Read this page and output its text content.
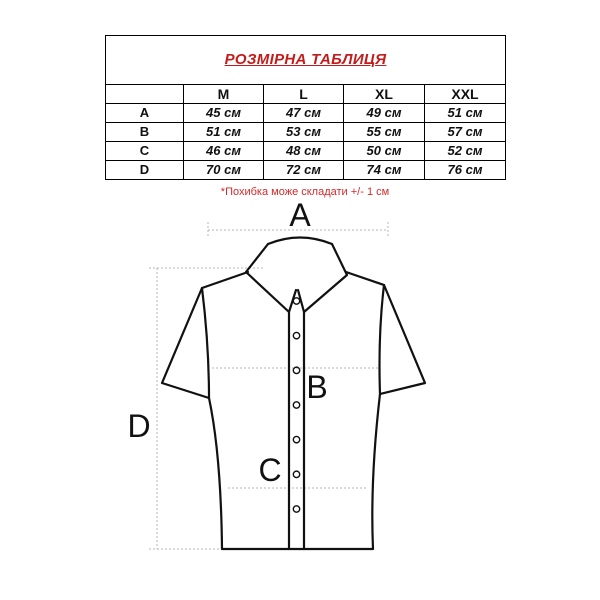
РОЗМІРНА ТАБЛИЦЯ				
	M	L	XL	XXL
A	45 см	47 см	49 см	51 см
B	51 см	53 см	55 см	57 см
C	46 см	48 см	50 см	52 см
D	70 см	72 см	74 см	76 см
*Похибка може складати +/- 1 см
A
B
C
D
